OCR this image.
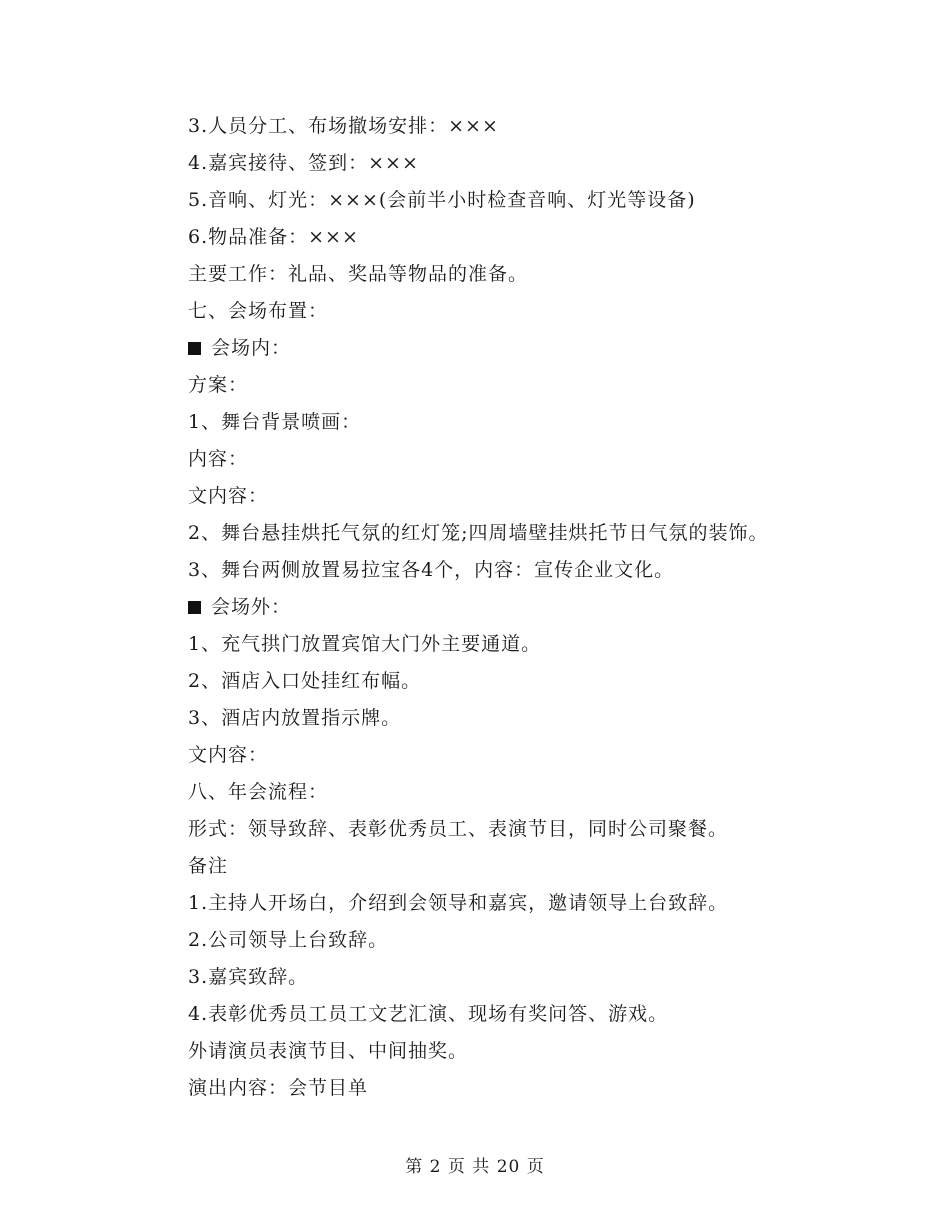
3.人员分工、布场撤场安排：×××
4.嘉宾接待、签到：×××
5.音响、灯光：×××(会前半小时检查音响、灯光等设备)
6.物品准备：×××
主要工作：礼品、奖品等物品的准备。
七、会场布置：
会场内：
方案：
1、舞台背景喷画：
内容：
文内容：
2、舞台悬挂烘托气氛的红灯笼;四周墙壁挂烘托节日气氛的装饰。
3、舞台两侧放置易拉宝各4个，内容：宣传企业文化。
会场外：
1、充气拱门放置宾馆大门外主要通道。
2、酒店入口处挂红布幅。
3、酒店内放置指示牌。
文内容：
八、年会流程：
形式：领导致辞、表彰优秀员工、表演节目，同时公司聚餐。
备注
1.主持人开场白，介绍到会领导和嘉宾，邀请领导上台致辞。
2.公司领导上台致辞。
3.嘉宾致辞。
4.表彰优秀员工员工文艺汇演、现场有奖问答、游戏。
外请演员表演节目、中间抽奖。
演出内容：会节目单
第 2 页 共 20 页
